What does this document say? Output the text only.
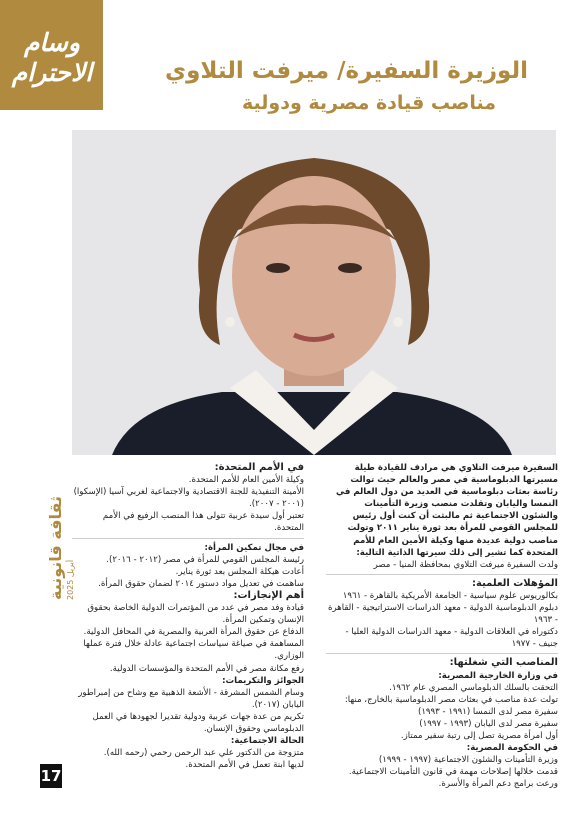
وسام
الاحترام
ثقافة قانونية أبريل 2025
17
الوزيرة السفيرة/ ميرفت التلاوي
مناصب قيادة مصرية ودولية

السفيرة ميرفت التلاوي هي مرادف للقيادة طيلة مسيرتها الدبلوماسية في مصر والعالم حيث توالت رئاسة بعثات دبلوماسية في العديد من دول العالم في النمسا واليابان وتقلدت منصب وزيرة التأمينات والشئون الاجتماعية ثم مالبثت أن كنت أول رئيس للمجلس القومي للمرأة بعد ثورة يناير ٢٠١١ وتولت مناصب دولية عديدة منها وكيلة الأمين العام للأمم المتحدة كما تشير إلى ذلك سيرتها الذاتية التالية:

ولدت السفيرة ميرفت التلاوي بمحافظة المنيا - مصر

المؤهلات العلمية:

بكالوريوس علوم سياسية - الجامعة الأمريكية بالقاهرة - ١٩٦١

دبلوم الدبلوماسية الدولية - معهد الدراسات الاستراتيجية - القاهرة - ١٩٦٣

دكتوراه في العلاقات الدولية - معهد الدراسات الدولية العليا - جنيف - ١٩٧٧

المناصب التي شغلتها:

في وزارة الخارجية المصرية:

التحقت بالسلك الدبلوماسي المصري عام ١٩٦٢.

تولت عدة مناصب في بعثات مصر الدبلوماسية بالخارج، منها:

سفيرة مصر لدى النمسا (١٩٩١ - ١٩٩٣)

سفيرة مصر لدى اليابان (١٩٩٣ - ١٩٩٧)

أول امرأة مصرية تصل إلى رتبة سفير ممتاز.

في الحكومة المصرية:

وزيرة التأمينات والشئون الاجتماعية (١٩٩٧ - ١٩٩٩)

قدمت خلالها إصلاحات مهمة في قانون التأمينات الاجتماعية.

ورعت برامج دعم المرأة والأسرة.

في الأمم المتحدة:

وكيلة الأمين العام للأمم المتحدة.

الأمينة التنفيذية للجنة الاقتصادية والاجتماعية لغربي آسيا (الإسكوا) (٢٠٠١ - ٢٠٠٧).

تعتبر أول سيدة عربية تتولى هذا المنصب الرفيع في الأمم المتحدة.

في مجال تمكين المرأة:

رئيسة المجلس القومي للمرأة في مصر (٢٠١٢ - ٢٠١٦).

أعادت هيكلة المجلس بعد ثورة يناير.

ساهمت في تعديل مواد دستور ٢٠١٤ لضمان حقوق المرأة.

أهم الإنجازات:

قيادة وفد مصر في عدد من المؤتمرات الدولية الخاصة بحقوق الإنسان وتمكين المرأة.

الدفاع عن حقوق المرأة العربية والمصرية في المحافل الدولية.

المساهمة في صياغة سياسات اجتماعية عادلة خلال فترة عملها الوزاري.

رفع مكانة مصر في الأمم المتحدة والمؤسسات الدولية.

الجوائز والتكريمات:

وسام الشمس المشرقة - الأشعة الذهبية مع وشاح من إمبراطور اليابان (٢٠١٧).

تكريم من عدة جهات عربية ودولية تقديرا لجهودها في العمل الدبلوماسي وحقوق الإنسان.

الحالة الاجتماعية:

متزوجة من الدكتور علي عبد الرحمن رحمي (رحمه الله).

لديها ابنة تعمل في الأمم المتحدة.
